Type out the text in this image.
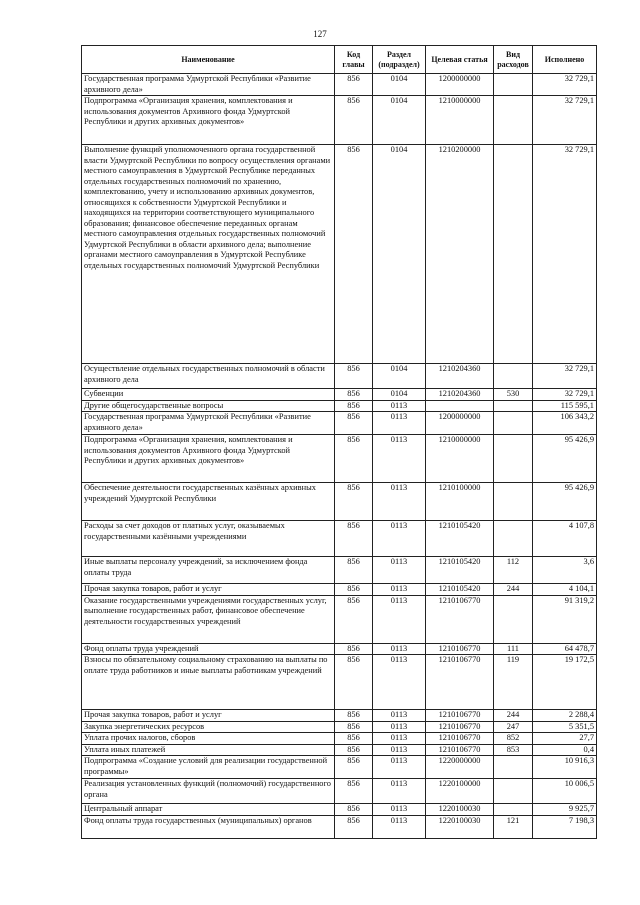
127
Наименование	Код главы	Раздел (подраздел)	Целевая статья	Вид расходов	Исполнено
Государственная программа Удмуртской Республики «Развитие архивного дела»	856	0104	1200000000		32 729,1
Подпрограмма «Организация хранения, комплектования и использования документов Архивного фонда Удмуртской Республики и других архивных документов»	856	0104	1210000000		32 729,1
Выполнение функций уполномоченного органа государственной власти Удмуртской Республики по вопросу осуществления органами местного самоуправления в Удмуртской Республике переданных отдельных государственных полномочий по хранению, комплектованию, учету и использованию архивных документов, относящихся к собственности Удмуртской Республики и находящихся на территории соответствующего муниципального образования; финансовое обеспечение переданных органам местного самоуправления отдельных государственных полномочий Удмуртской Республики в области архивного дела; выполнение органами местного самоуправления в Удмуртской Республике отдельных государственных полномочий Удмуртской Республики	856	0104	1210200000		32 729,1
Осуществление отдельных государственных полномочий в области архивного дела	856	0104	1210204360		32 729,1
Субвенции	856	0104	1210204360	530	32 729,1
Другие общегосударственные вопросы	856	0113			115 595,1
Государственная программа Удмуртской Республики «Развитие архивного дела»	856	0113	1200000000		106 343,2
Подпрограмма «Организация хранения, комплектования и использования документов Архивного фонда Удмуртской Республики и других архивных документов»	856	0113	1210000000		95 426,9
Обеспечение деятельности государственных казённых архивных учреждений Удмуртской Республики	856	0113	1210100000		95 426,9
Расходы за счет доходов от платных услуг, оказываемых государственными казёнными учреждениями	856	0113	1210105420		4 107,8
Иные выплаты персоналу учреждений, за исключением фонда оплаты труда	856	0113	1210105420	112	3,6
Прочая закупка товаров, работ и услуг	856	0113	1210105420	244	4 104,1
Оказание государственными учреждениями государственных услуг, выполнение государственных работ, финансовое обеспечение деятельности государственных учреждений	856	0113	1210106770		91 319,2
Фонд оплаты труда учреждений	856	0113	1210106770	111	64 478,7
Взносы по обязательному социальному страхованию на выплаты по оплате труда работников и иные выплаты работникам учреждений	856	0113	1210106770	119	19 172,5
Прочая закупка товаров, работ и услуг	856	0113	1210106770	244	2 288,4
Закупка энергетических ресурсов	856	0113	1210106770	247	5 351,5
Уплата прочих налогов, сборов	856	0113	1210106770	852	27,7
Уплата иных платежей	856	0113	1210106770	853	0,4
Подпрограмма «Создание условий для реализации государственной программы»	856	0113	1220000000		10 916,3
Реализация установленных функций (полномочий) государственного органа	856	0113	1220100000		10 006,5
Центральный аппарат	856	0113	1220100030		9 925,7
Фонд оплаты труда государственных (муниципальных) органов	856	0113	1220100030	121	7 198,3
